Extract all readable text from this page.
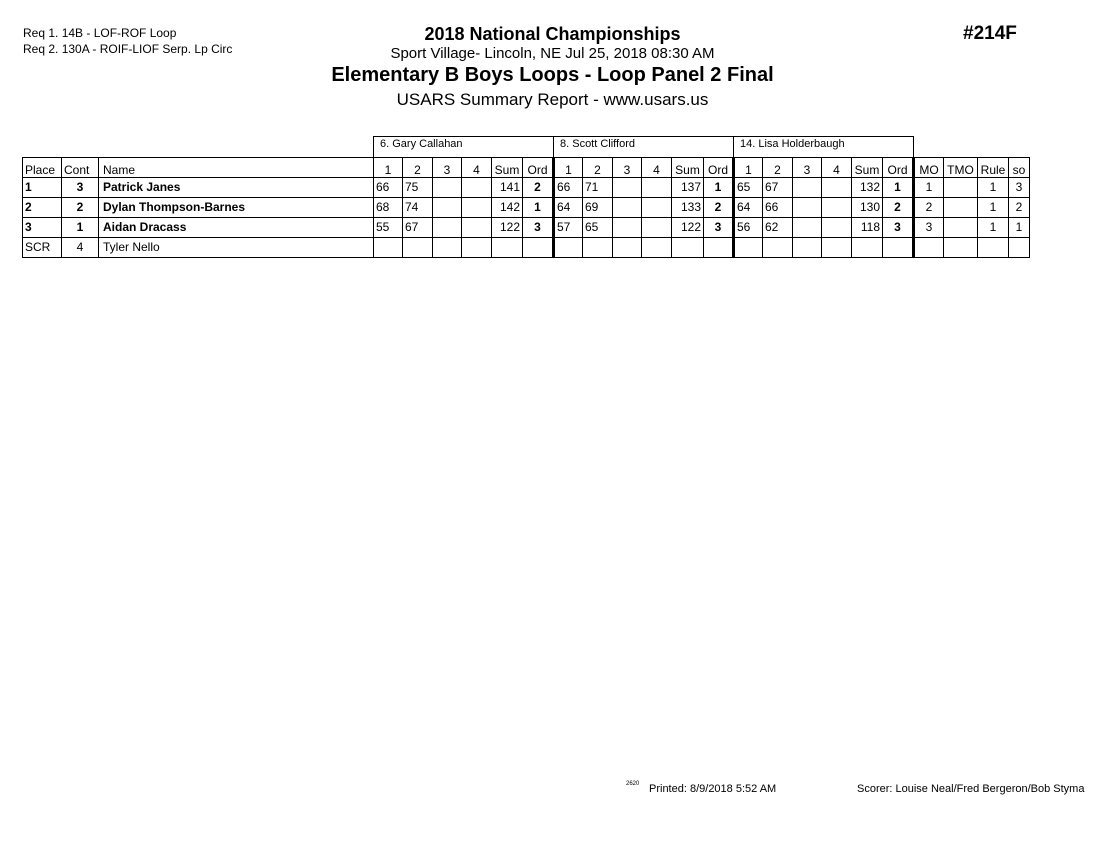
Req 1. 14B - LOF-ROF Loop
Req 2. 130A - ROIF-LIOF Serp. Lp Circ
#214F
2018 National Championships
Sport Village- Lincoln, NE Jul 25, 2018 08:30 AM
Elementary B Boys Loops - Loop Panel 2 Final
USARS Summary Report - www.usars.us
			6. Gary Callahan						8. Scott Clifford						14. Lisa Holderbaugh									
Place	Cont	Name	1	2	3	4	Sum	Ord	1	2	3	4	Sum	Ord	1	2	3	4	Sum	Ord	MO	TMO	Rule	so
1	3	Patrick Janes	66	75			141	2	66	71			137	1	65	67			132	1	1		1	3
2	2	Dylan Thompson-Barnes	68	74			142	1	64	69			133	2	64	66			130	2	2		1	2
3	1	Aidan Dracass	55	67			122	3	57	65			122	3	56	62			118	3	3		1	1
SCR	4	Tyler Nello																						
2620 Printed: 8/9/2018 5:52 AM	Scorer: Louise Neal/Fred Bergeron/Bob Styma
